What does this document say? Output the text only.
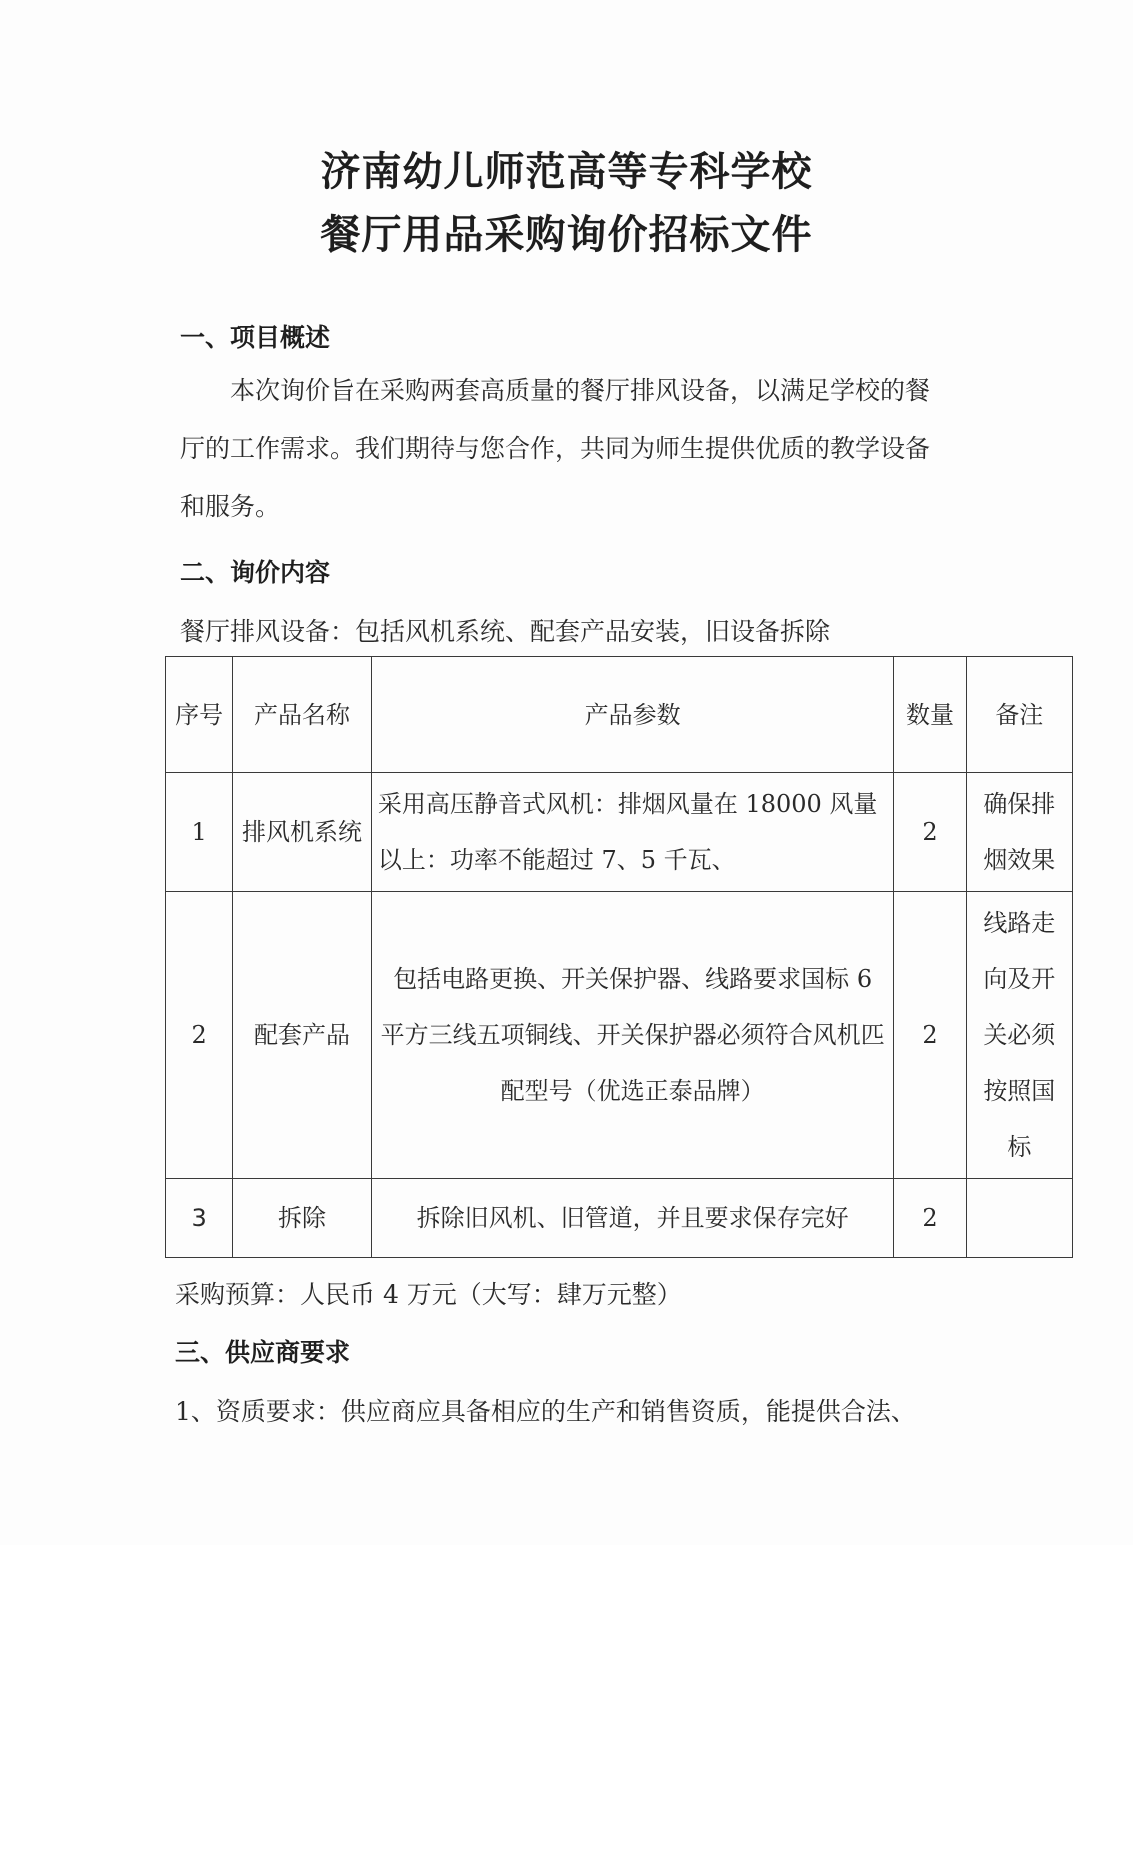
济南幼儿师范高等专科学校
餐厅用品采购询价招标文件
一、项目概述
本次询价旨在采购两套高质量的餐厅排风设备，以满足学校的餐
厅的工作需求。我们期待与您合作，共同为师生提供优质的教学设备
和服务。
二、询价内容
餐厅排风设备：包括风机系统、配套产品安装，旧设备拆除
序号	产品名称	产品参数	数量	备注
1	排风机系统	采用高压静音式风机：排烟风量在 18000 风量以上：功率不能超过 7、5 千瓦、	2	确保排烟效果
2	配套产品	包括电路更换、开关保护器、线路要求国标 6 平方三线五项铜线、开关保护器必须符合风机匹配型号（优选正泰品牌）	2	线路走向及开关必须按照国标
3	拆除	拆除旧风机、旧管道，并且要求保存完好	2	
采购预算：人民币 4 万元（大写：肆万元整）
三、供应商要求
1、资质要求：供应商应具备相应的生产和销售资质，能提供合法、
